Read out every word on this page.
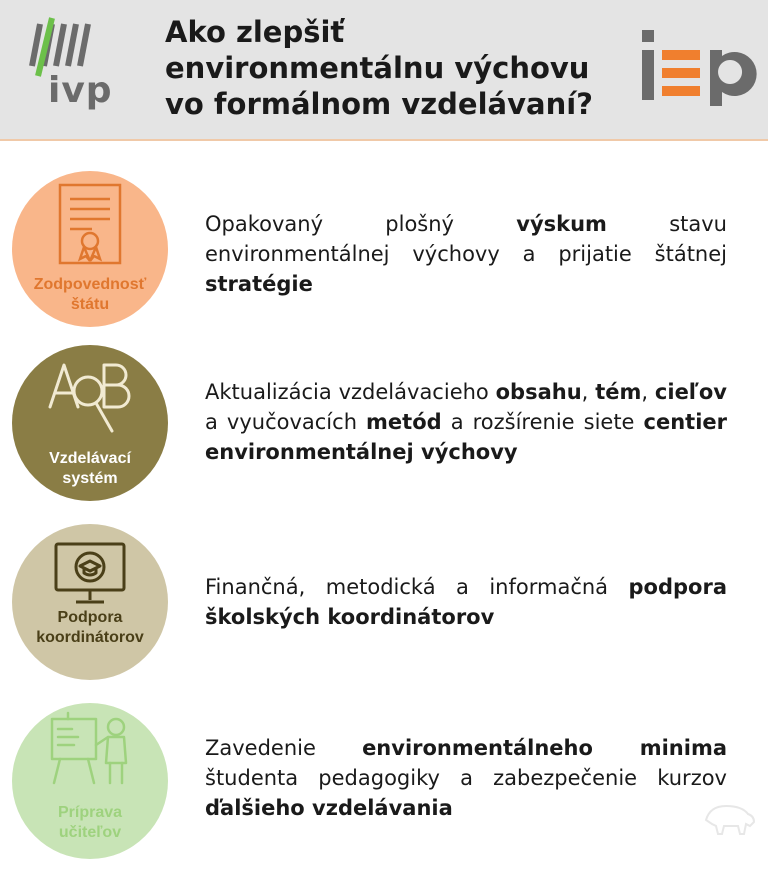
ivp
Ako zlepšiť environmentálnu výchovu vo formálnom vzdelávaní?
Zodpovednosť
štátu
Opakovaný plošný výskum stavu environmentálnej výchovy a prijatie štátnej stratégie
Vzdelávací
systém
Aktualizácia vzdelávacieho obsahu, tém, cieľov a vyučovacích metód a rozšírenie siete centier environmentálnej výchovy
Podpora
koordinátorov
Finančná, metodická a informačná podpora školských koordinátorov
Príprava
učiteľov
Zavedenie environmentálneho minima študenta pedagogiky a zabezpečenie kurzov ďalšieho vzdelávania
